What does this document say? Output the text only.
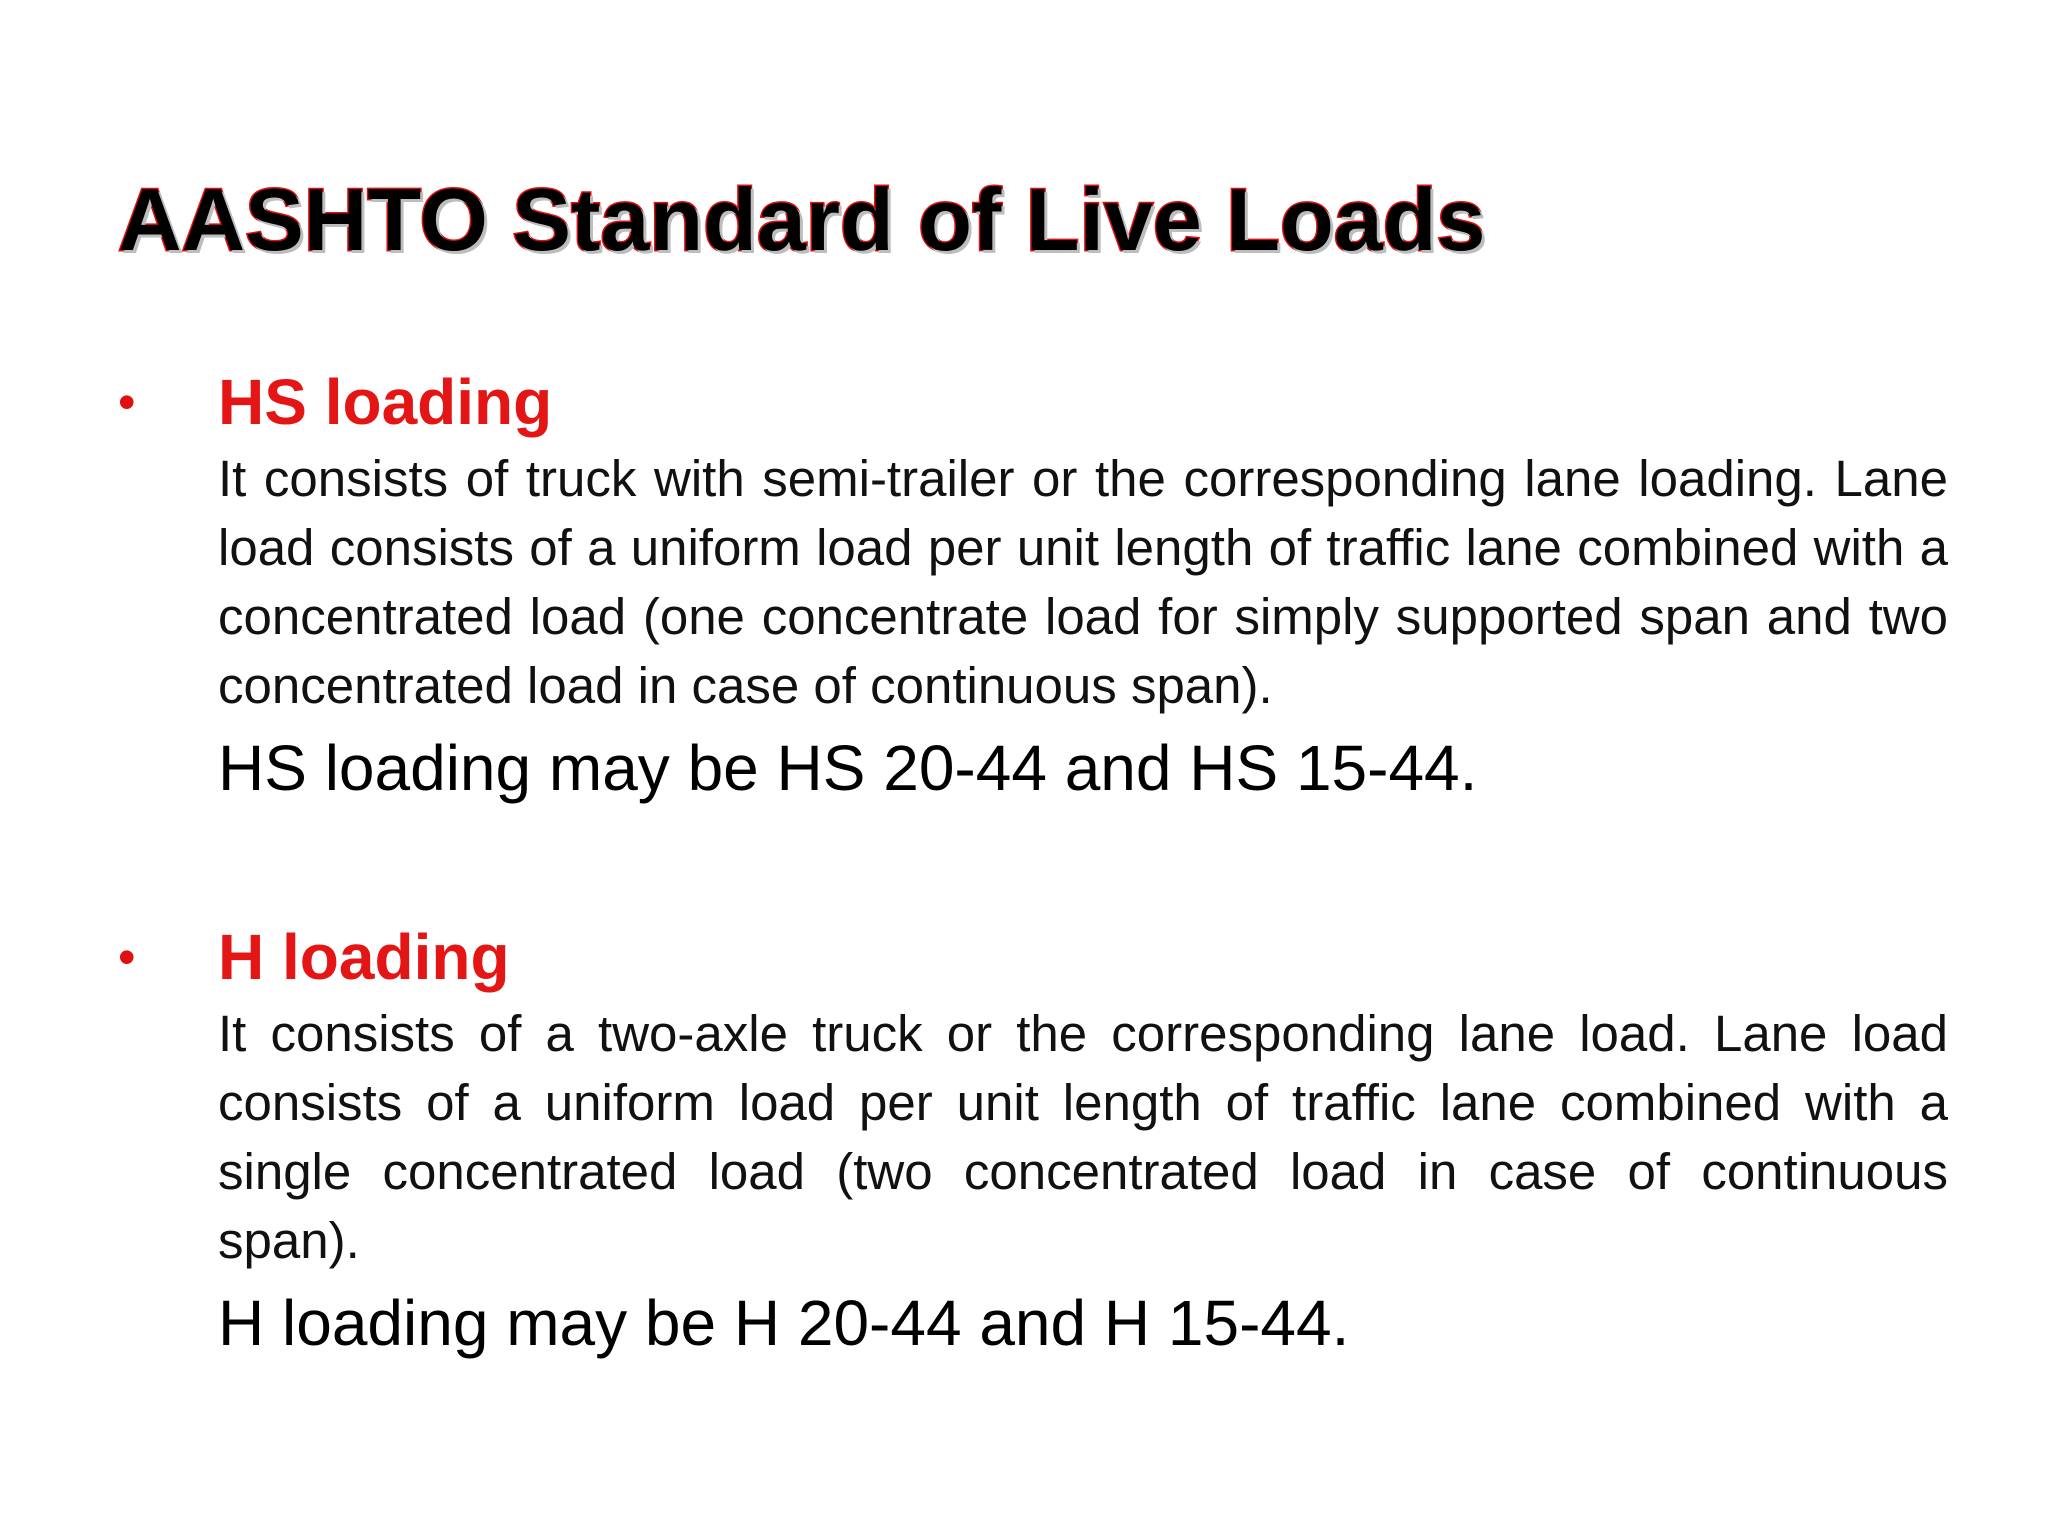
AASHTO Standard of Live Loads
• HS loading

It consists of truck with semi-trailer or the corresponding lane loading. Lane load consists of a uniform load per unit length of traffic lane combined with a concentrated load (one concentrate load for simply supported span and two concentrated load in case of continuous span).

HS loading may be HS 20-44 and HS 15-44.

• H loading

It consists of a two-axle truck or the corresponding lane load. Lane load consists of a uniform load per unit length of traffic lane combined with a single concentrated load (two concentrated load in case of continuous span).

H loading may be H 20-44 and H 15-44.
